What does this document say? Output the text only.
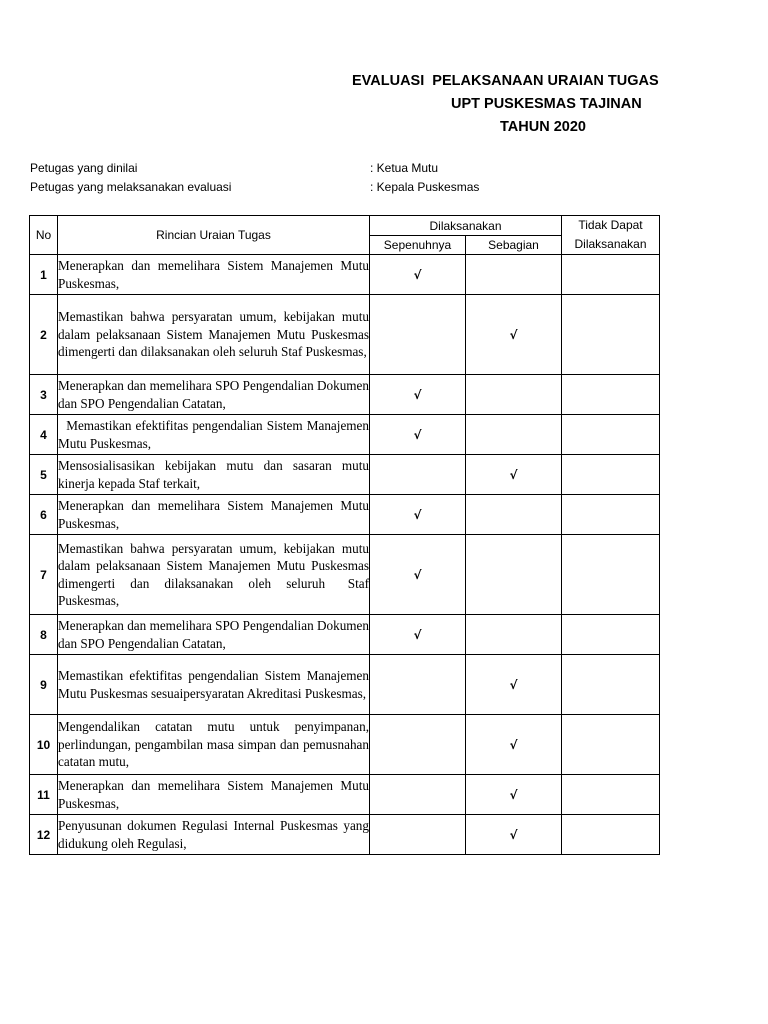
EVALUASI  PELAKSANAAN URAIAN TUGAS
UPT PUSKESMAS TAJINAN
TAHUN 2020
Petugas yang dinilai	: Ketua Mutu
Petugas yang melaksanakan evaluasi	: Kepala Puskesmas
No	Rincian Uraian Tugas	Dilaksanakan		Tidak Dapat
Dilaksanakan
		Sepenuhnya	Sebagian	
1	Menerapkan dan memelihara Sistem Manajemen Mutu Puskesmas,	√		
2	Memastikan bahwa persyaratan umum, kebijakan mutu dalam pelaksanaan Sistem Manajemen Mutu Puskesmas dimengerti dan dilaksanakan oleh seluruh Staf Puskesmas,		√	
3	Menerapkan dan memelihara SPO Pengendalian Dokumen dan SPO Pengendalian Catatan,	√		
4	Memastikan efektifitas pengendalian Sistem Manajemen Mutu Puskesmas,	√		
5	Mensosialisasikan kebijakan mutu dan sasaran mutu kinerja kepada Staf terkait,		√	
6	Menerapkan dan memelihara Sistem Manajemen Mutu Puskesmas,	√		
7	Memastikan bahwa persyaratan umum, kebijakan mutu dalam pelaksanaan Sistem Manajemen Mutu Puskesmas dimengerti  dan  dilaksanakan  oleh  seluruh   Staf Puskesmas,	√		
8	Menerapkan dan memelihara SPO Pengendalian Dokumen dan SPO Pengendalian Catatan,	√		
9	Memastikan efektifitas pengendalian Sistem Manajemen Mutu Puskesmas sesuaipersyaratan Akreditasi Puskesmas,		√	
10	Mengendalikan catatan mutu untuk penyimpanan, perlindungan, pengambilan masa simpan dan pemusnahan catatan mutu,		√	
11	Menerapkan dan memelihara Sistem Manajemen Mutu Puskesmas,		√	
12	Penyusunan dokumen Regulasi Internal Puskesmas yang didukung oleh Regulasi,		√	
